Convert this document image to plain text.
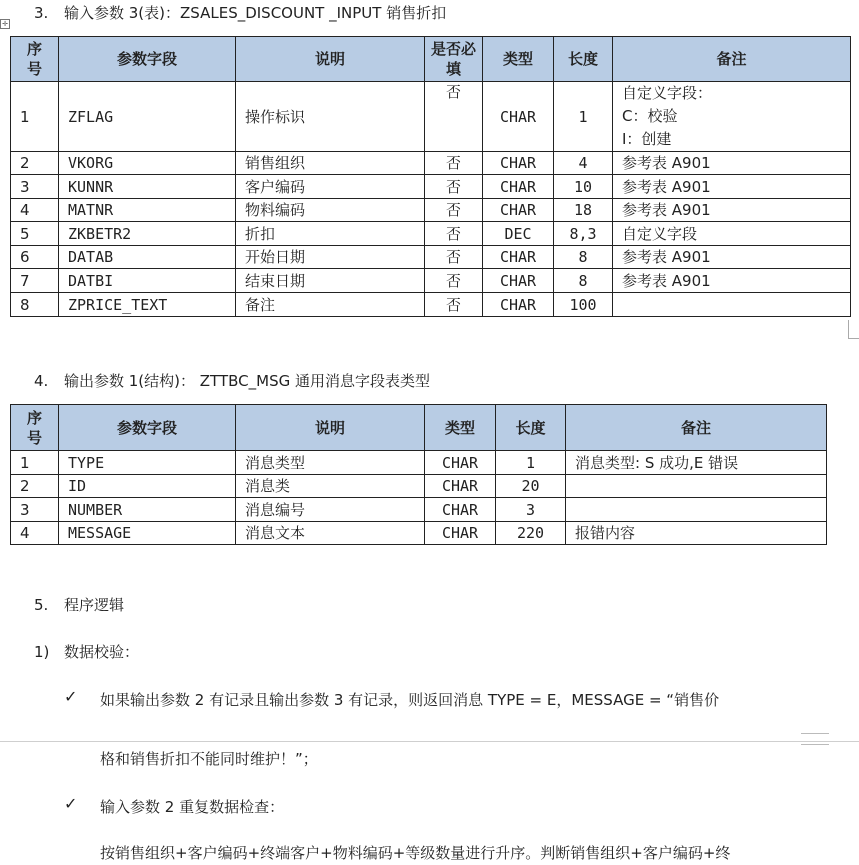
3. 输入参数 3(表)：ZSALES_DISCOUNT _INPUT 销售折扣
✛
序号	参数字段	说明	是否必填	类型	长度	备注
1	ZFLAG	操作标识	否	CHAR	1	自定义字段：
C：校验
I：创建

2	VKORG	销售组织	否	CHAR	4	参考表 A901
3	KUNNR	客户编码	否	CHAR	10	参考表 A901
4	MATNR	物料编码	否	CHAR	18	参考表 A901
5	ZKBETR2	折扣	否	DEC	8,3	自定义字段
6	DATAB	开始日期	否	CHAR	8	参考表 A901
7	DATBI	结束日期	否	CHAR	8	参考表 A901
8	ZPRICE_TEXT	备注	否	CHAR	100	
4. 输出参数 1(结构)： ZTTBC_MSG 通用消息字段表类型
序号	参数字段	说明	类型	长度	备注
1	TYPE	消息类型	CHAR	1	消息类型: S 成功,E 错误
2	ID	消息类	CHAR	20	
3	NUMBER	消息编号	CHAR	3	
4	MESSAGE	消息文本	CHAR	220	报错内容
5. 程序逻辑
1) 数据校验：
✓ 如果输出参数 2 有记录且输出参数 3 有记录，则返回消息 TYPE = E，MESSAGE = “销售价
格和销售折扣不能同时维护！”；
✓ 输入参数 2 重复数据检查：
按销售组织+客户编码+终端客户+物料编码+等级数量进行升序。判断销售组织+客户编码+终
